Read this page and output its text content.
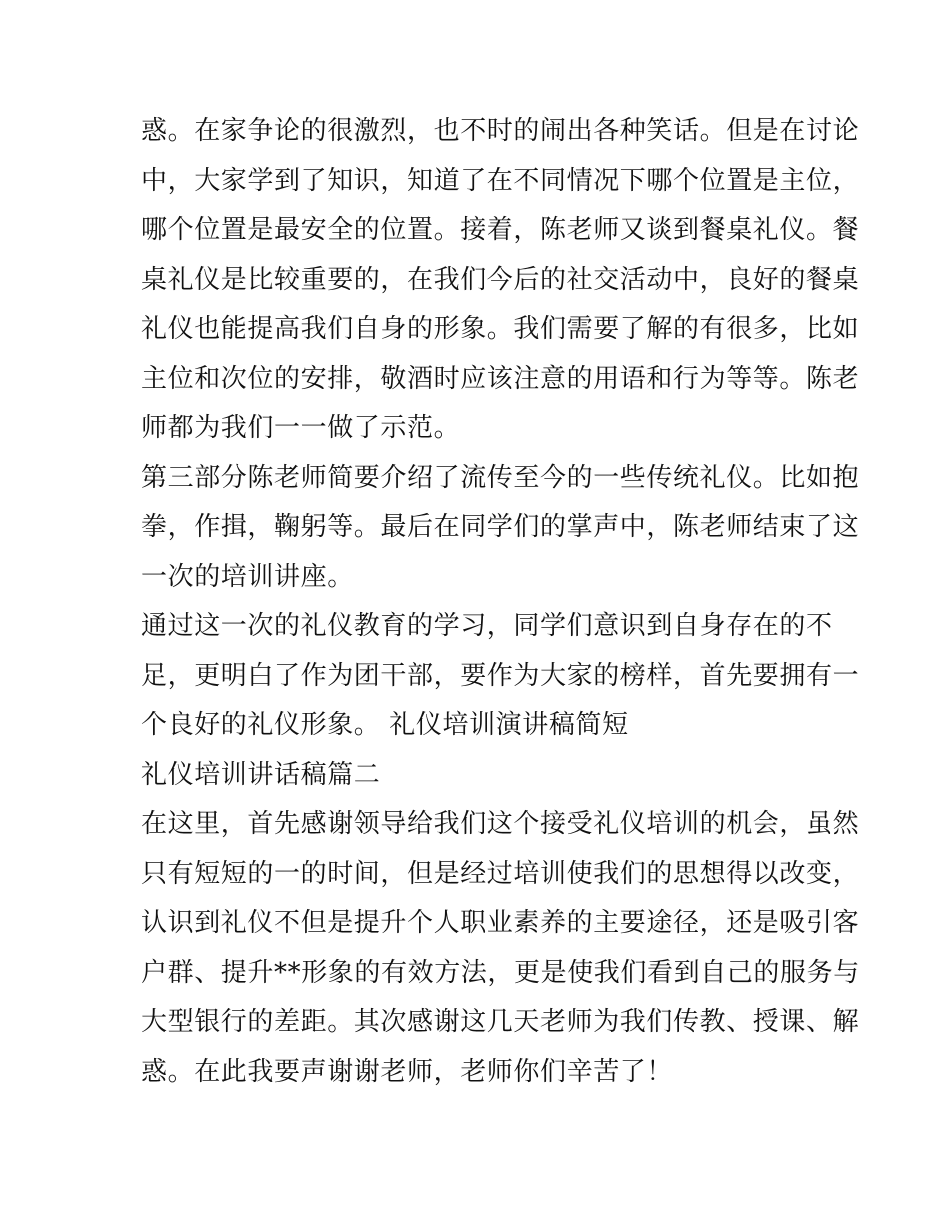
惑。在家争论的很激烈，也不时的闹出各种笑话。但是在讨论
中，大家学到了知识，知道了在不同情况下哪个位置是主位，
哪个位置是最安全的位置。接着，陈老师又谈到餐桌礼仪。餐
桌礼仪是比较重要的，在我们今后的社交活动中，良好的餐桌
礼仪也能提高我们自身的形象。我们需要了解的有很多，比如
主位和次位的安排，敬酒时应该注意的用语和行为等等。陈老
师都为我们一一做了示范。
第三部分陈老师简要介绍了流传至今的一些传统礼仪。比如抱
拳，作揖，鞠躬等。最后在同学们的掌声中，陈老师结束了这
一次的培训讲座。
通过这一次的礼仪教育的学习，同学们意识到自身存在的不
足，更明白了作为团干部，要作为大家的榜样，首先要拥有一
个良好的礼仪形象。 礼仪培训演讲稿简短
礼仪培训讲话稿篇二
在这里，首先感谢领导给我们这个接受礼仪培训的机会，虽然
只有短短的一的时间，但是经过培训使我们的思想得以改变，
认识到礼仪不但是提升个人职业素养的主要途径，还是吸引客
户群、提升**形象的有效方法，更是使我们看到自己的服务与
大型银行的差距。其次感谢这几天老师为我们传教、授课、解
惑。在此我要声谢谢老师，老师你们辛苦了！
